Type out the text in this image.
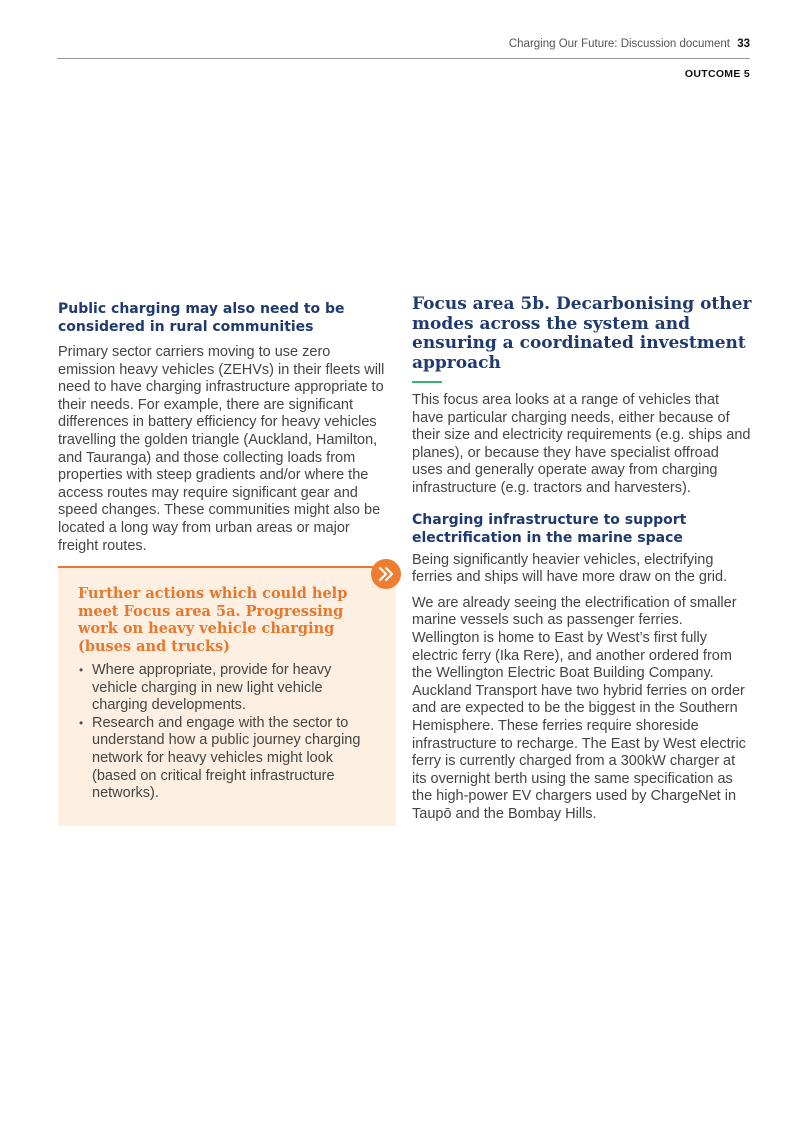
Charging Our Future: Discussion document 33
OUTCOME 5
Public charging may also need to be considered in rural communities

Primary sector carriers moving to use zero emission heavy vehicles (ZEHVs) in their fleets will need to have charging infrastructure appropriate to their needs. For example, there are significant differences in battery efficiency for heavy vehicles travelling the golden triangle (Auckland, Hamilton, and Tauranga) and those collecting loads from properties with steep gradients and/or where the access routes may require significant gear and speed changes. These communities might also be located a long way from urban areas or major freight routes.

Further actions which could help meet Focus area 5a. Progressing work on heavy vehicle charging (buses and trucks)
• Where appropriate, provide for heavy vehicle charging in new light vehicle charging developments.
• Research and engage with the sector to understand how a public journey charging network for heavy vehicles might look (based on critical freight infrastructure networks).
Focus area 5b. Decarbonising other modes across the system and ensuring a coordinated investment approach

This focus area looks at a range of vehicles that have particular charging needs, either because of their size and electricity requirements (e.g. ships and planes), or because they have specialist offroad uses and generally operate away from charging infrastructure (e.g. tractors and harvesters).

Charging infrastructure to support electrification in the marine space

Being significantly heavier vehicles, electrifying ferries and ships will have more draw on the grid.

We are already seeing the electrification of smaller marine vessels such as passenger ferries. Wellington is home to East by West’s first fully electric ferry (Ika Rere), and another ordered from the Wellington Electric Boat Building Company. Auckland Transport have two hybrid ferries on order and are expected to be the biggest in the Southern Hemisphere. These ferries require shoreside infrastructure to recharge. The East by West electric ferry is currently charged from a 300kW charger at its overnight berth using the same specification as the high-power EV chargers used by ChargeNet in Taupō and the Bombay Hills.
